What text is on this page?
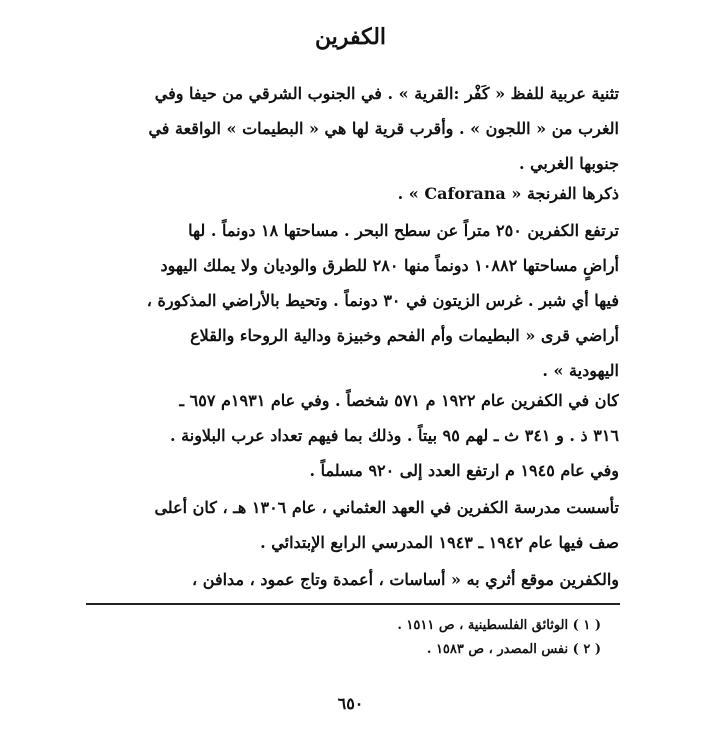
الكفرين
تثنية عربية للفظ « كَفْر :القرية » . في الجنوب الشرقي من حيفا وفي
الغرب من « اللجون » . وأقرب قرية لها هي « البطيمات » الواقعة في
جنوبها الغربي .
ذكرها الفرنجة « Caforana » .
ترتفع الكفرين ٢٥٠ متراً عن سطح البحر . مساحتها ١٨ دونماً . لها
أراضٍ مساحتها ١٠٨٨٢ دونماً منها ٢٨٠ للطرق والوديان ولا يملك اليهود
فيها أي شبر . غرس الزيتون في ٣٠ دونماً . وتحيط بالأراضي المذكورة ،
أراضي قرى « البطيمات وأم الفحم وخبيزة ودالية الروحاء والقلاع
اليهودية » .
كان في الكفرين عام ١٩٢٢ م ٥٧١ شخصاً . وفي عام ١٩٣١م ٦٥٧ ـ
٣١٦ ذ . و ٣٤١ ث ـ لهم ٩٥ بيتاً . وذلك بما فيهم تعداد عرب البلاونة .
وفي عام ١٩٤٥ م ارتفع العدد إلى ٩٢٠ مسلماً .
تأسست مدرسة الكفرين في العهد العثماني ، عام ١٣٠٦ هـ ، كان أعلى
صف فيها عام ١٩٤٢ ـ ١٩٤٣ المدرسي الرابع الإبتدائي .
والكفرين موقع أثري به « أساسات ، أعمدة وتاج عمود ، مدافن ،
( ١ ) الوثائق الفلسطينية ، ص ١٥١١ .
( ٢ ) نفس المصدر ، ص ١٥٨٣ .
٦٥٠
